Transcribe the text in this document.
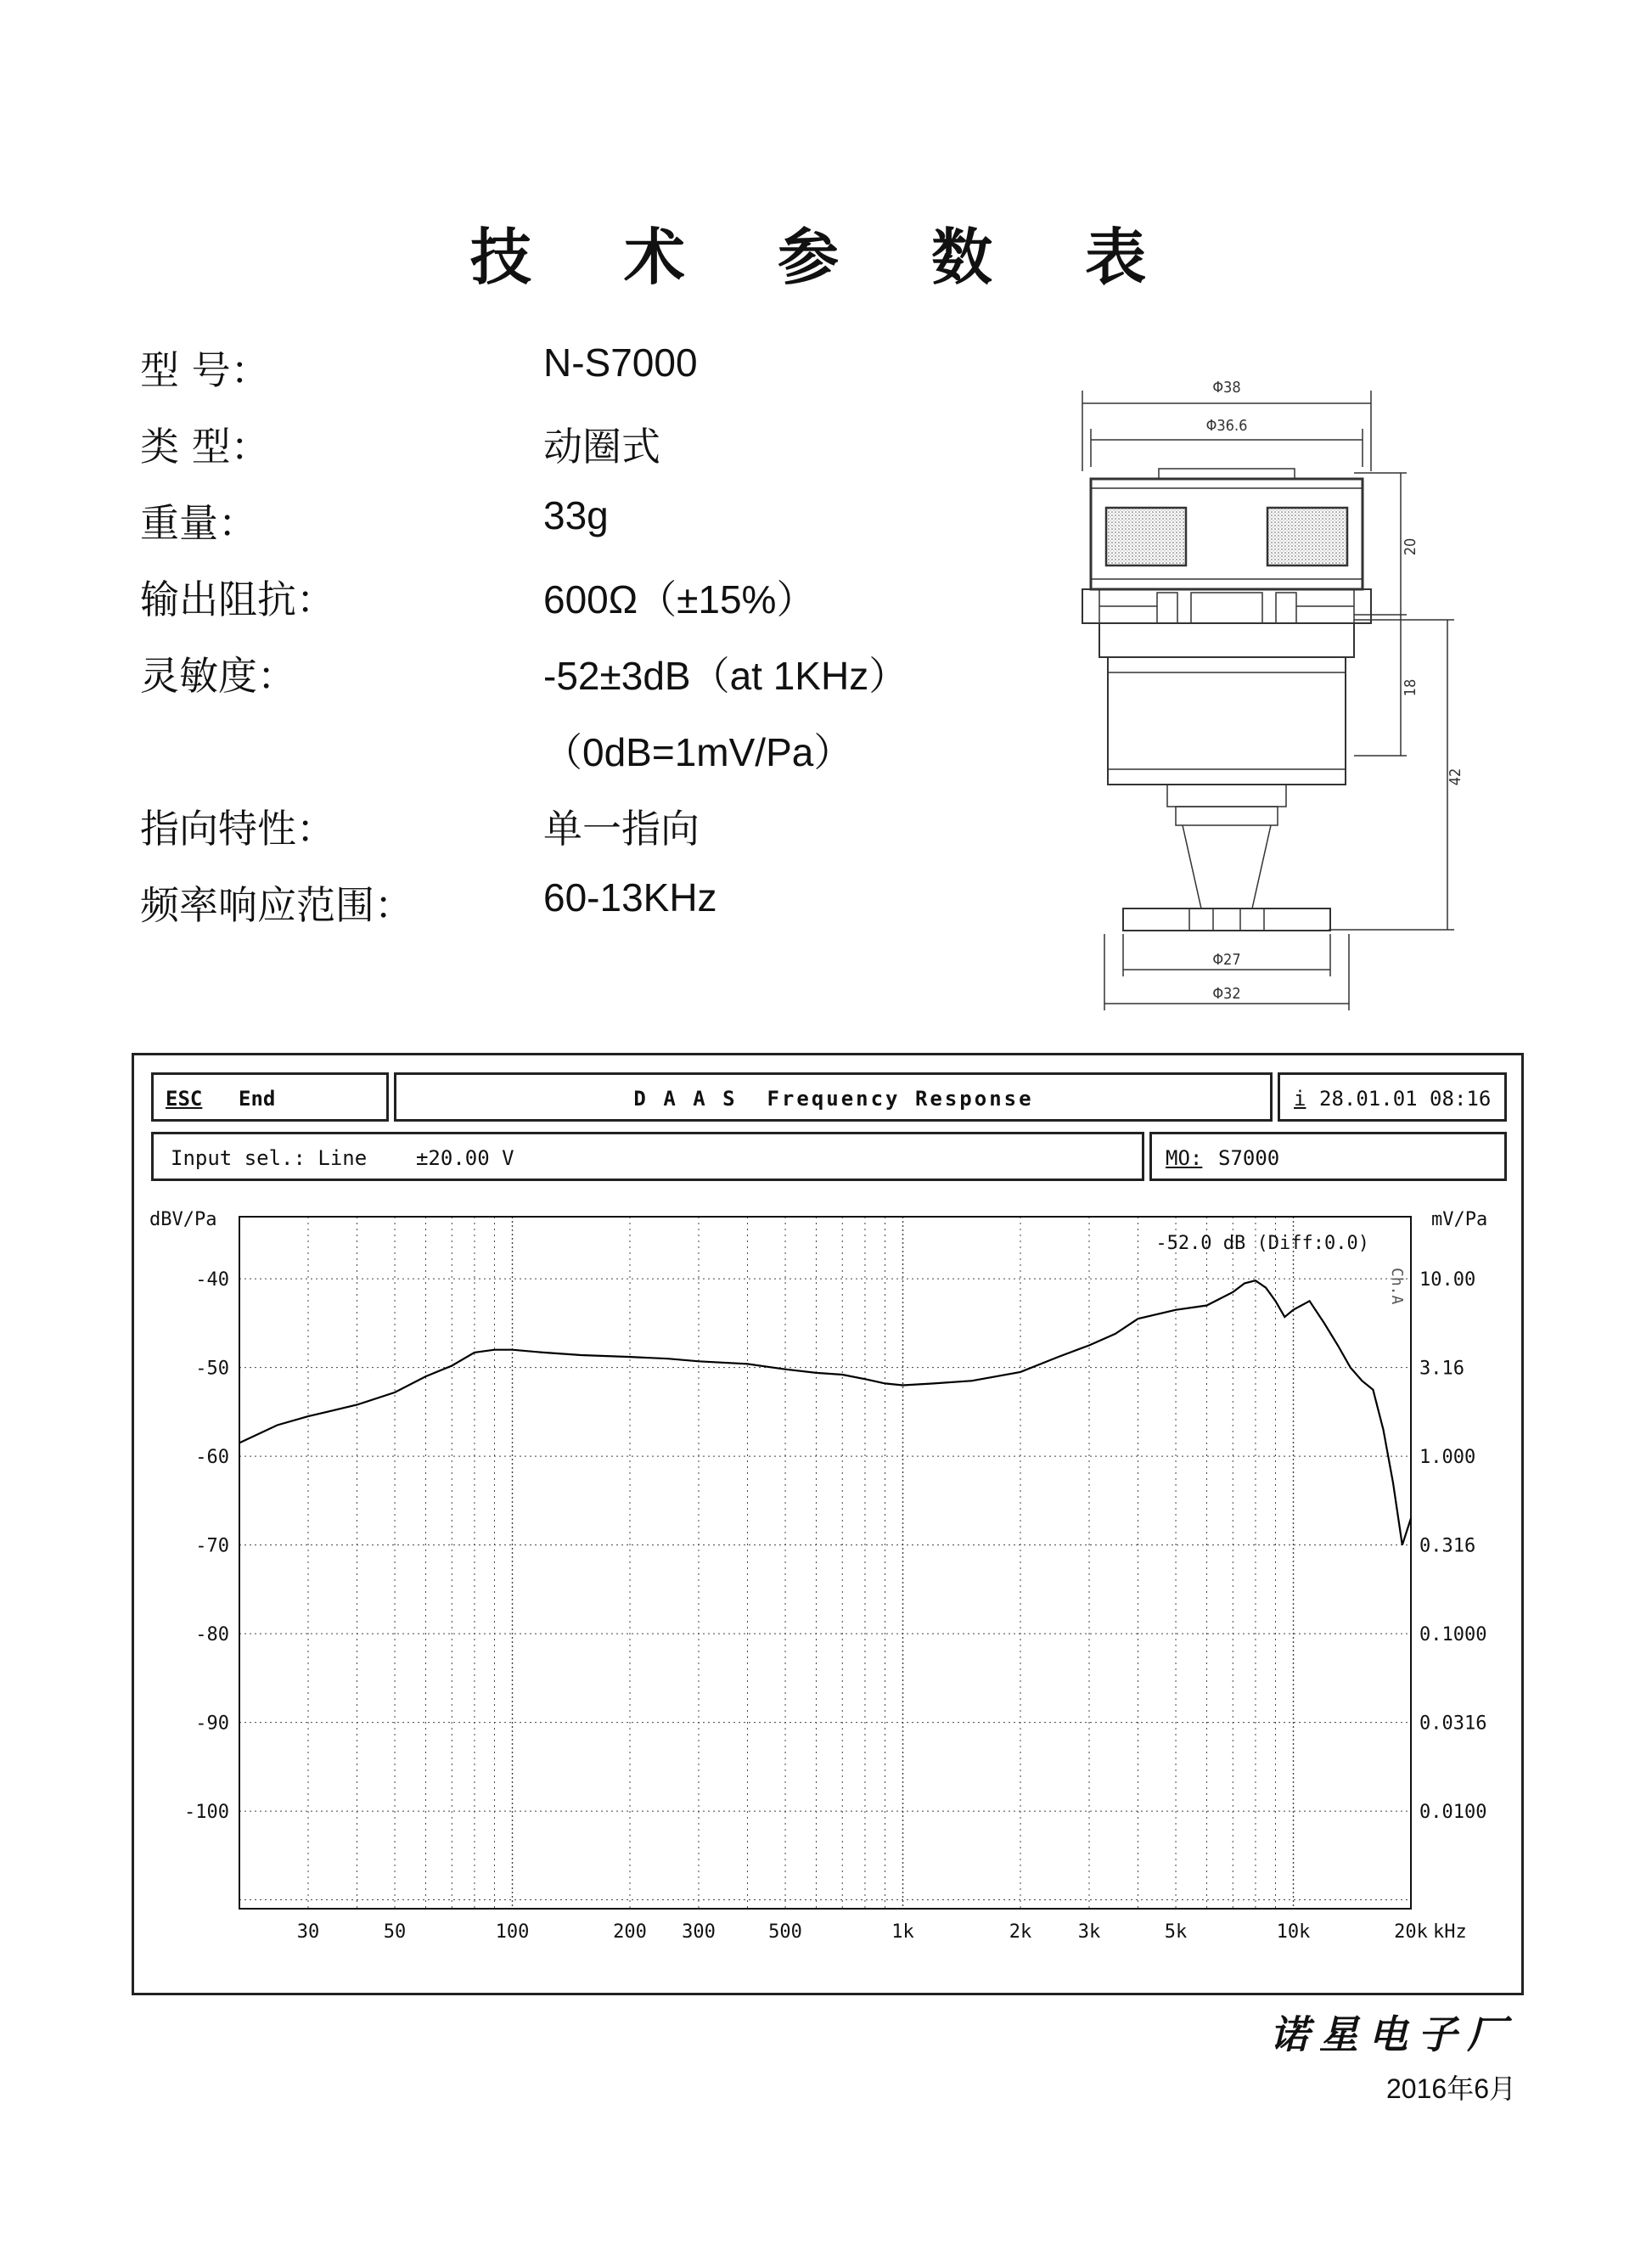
技 术 参 数 表
型 号：	N-S7000
类 型：	动圈式
重量：	33g
输出阻抗：	600Ω（±15%）
灵敏度：	-52±3dB（at 1KHz）
（0dB=1mV/Pa）
指向特性：	单一指向
频率响应范围：	60-13KHz
Φ38
Φ36.6
20
18
42
Φ27
Φ32
ESC End	D A A S  Frequency Response	i 28.01.01 08:16
Input sel.: Line    ±20.00 V	MO: S7000
-40
-50
-60
-70
-80
-90
-100
10.00
3.16
1.000
0.316
0.1000
0.0316
0.0100
30	50	100	200 300	500	1k	2k 3k	5k	10k	20k kHz
dBV/Pa	mV/Pa
-52.0 dB (Diff:0.0)
Ch.A
诺星电子厂
2016年6月
